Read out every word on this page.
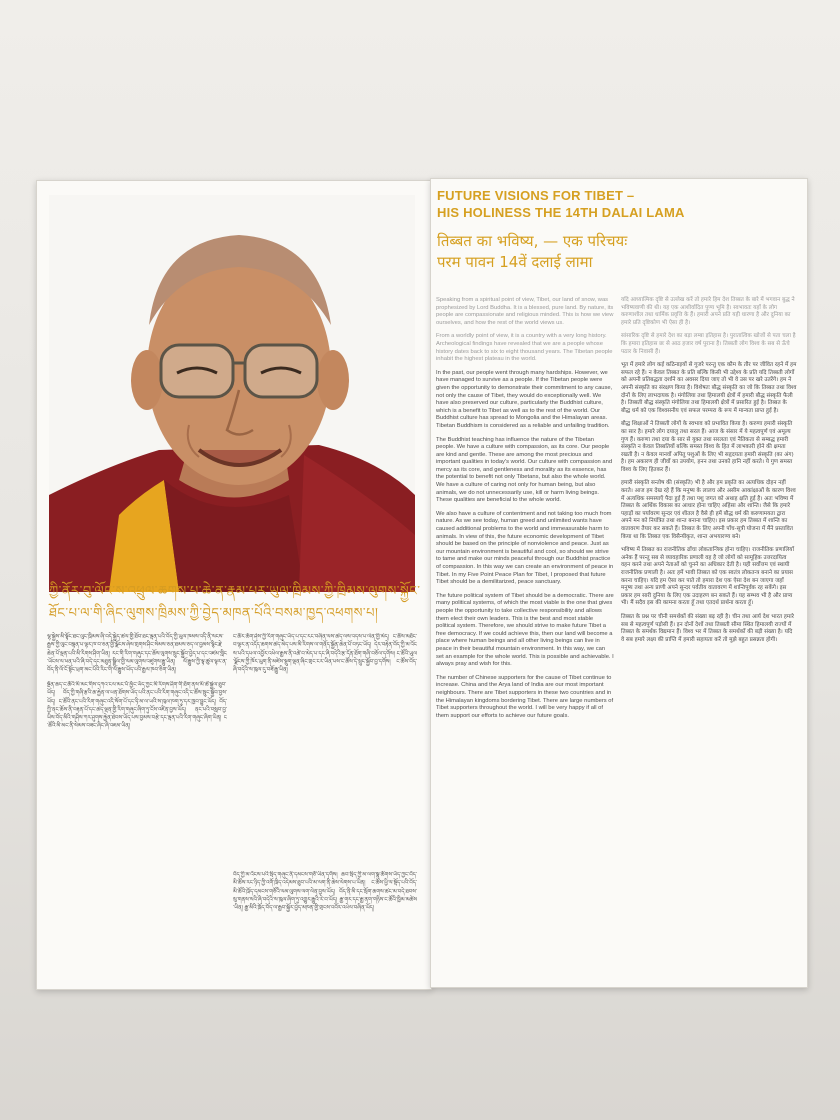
ཀྱི་ནོར་བུ་ལོང་ས་འཕྲུལ་ཆགས་པ་ཆེ་ན་རྣམ་པར་ཡུལ་ཁྲིམས་ཀྱི་ཁྲིམས་ལུགས་སྐྱོང་
ཐོང་པ་ལ་གི་ཞིང་ལུགས་ཁྲིམས་ཀྱི་བྱེད་མཁན་པོའི་བསམ་ཁྱད་འཕགས་པ།
ལྷ་སྐྱེས་མི་སྟོང་ཐང་ལུང་ཁྲིམས་ཞི་བདེ་སྐྱེད་ཚལ་གྱི་ཐོབ་ཐང་ལྡན་པའི་བོད་ཀྱི་ཡུལ་ཁམས་འདི་ནི་སངས་རྒྱས་ཀྱི་ལུང་བསྟན་པ་ལྟར་ཁ་བ་ཅན་གྱི་ལྗོངས་ཞེས་གྲགས་ཤིང་སེམས་ཅན་ཐམས་ཅད་ལ་བྱམས་སྙིང་རྗེ་ཆེན་པོ་ལྡན་པའི་མི་རིགས་ཤིག་ཡིན། རང་གི་རིག་གཞུང་དང་ཆོས་ལུགས་སྲུང་སྐྱོབ་བྱེད་པ་དང་འཛམ་གླིང་ཡོངས་ལ་ཕན་པའི་ཞི་བདེ་དང་མཐུན་སྒྲིལ་གྱི་ལམ་ལུགས་འཛུགས་རྒྱུ་ཡིན། ལོ་རྒྱུས་ཀྱི་ལྟ་ཚུལ་ལྟར་ན་བོད་ནི་ལོ་ངོ་སྟོང་ཕྲག་མང་པོའི་རིང་གི་ལོ་རྒྱུས་ཡོད་པའི་རྒྱལ་ཁབ་ཅིག་ཡིན།
སྔོན་ཆད་ང་ཚོའི་མི་མང་གིས་དཀའ་ངལ་མང་པོ་མྱོང་ཡོད་ཀྱང་མི་རིགས་ཤིག་གི་ཐོག་ནས་མི་ཚེ་སྐྱེལ་ཐུབ་ཡོད། བོད་ཀྱི་གཞི་རྩའི་ཆ་རྐྱེན་ལ་ཕན་ཐོགས་ཡོད་པའི་ནང་པའི་རིག་གཞུང་འདི་ང་ཚོས་སྲུང་སྐྱོབ་བྱས་ཡོད། ང་ཚོའི་ནང་པའི་རིག་གཞུང་འདི་སོག་པོ་དང་ཧི་མ་ལ་ཡའི་ས་ཁུལ་ཁག་ཏུ་དར་ཁྱབ་བྱུང་ཡོད། བོད་ཀྱི་ནང་ཆོས་ནི་བརྟན་པོ་དང་ཚད་ལྡན་གྱི་རིག་གཞུང་ཞིག་ཏུ་ངོས་འཛིན་བྱས་ཡོད། ནང་པའི་བསླབ་བྱ་ཡིས་བོད་མིའི་གཤིས་ཀར་ཤུགས་རྐྱེན་ཐེབས་ཡོད་པས་བྱམས་བརྩེ་དང་ལྡན་པའི་རིག་གཞུང་ཞིག་ཡིན། ང་ཚོའི་མི་མང་ནི་སེམས་བཟང་ཞིང་ཞི་འཇམ་ཡིན།
ང་ཚོར་ཆོག་ཤེས་ཀྱི་རིག་གཞུང་ཡོད་པ་དང་རང་བཞིན་ལས་ཚད་ལས་འདས་པ་ལེན་གྱི་མེད། ང་ཚོས་མཐོང་བ་ལྟར་ན་འདོད་ཆགས་ཚད་མེད་པས་མི་རིགས་ལ་གནོད་སྐྱོན་ཆེན་པོ་བཏང་ཡོད། དེར་བརྟེན་བོད་ཀྱི་མ་འོངས་པའི་དཔལ་འབྱོར་འཕེལ་རྒྱས་ནི་འཚེ་བ་མེད་པ་དང་ཞི་བདེའི་རྩ་དོན་ཐོག་གཞི་བཅོལ་དགོས། ང་ཚོའི་ཡུལ་ལྗོངས་ཀྱི་ཁོར་ཡུག་ནི་མཛེས་སྡུག་ལྡན་ཞིང་གྲང་ངར་ཡིན་པས་ང་ཚོས་དེ་སྲུང་སྐྱོབ་བྱ་དགོས། ང་ཚོས་བོད་ཞི་བདེའི་ས་ཁུལ་དུ་བཟོ་རྒྱུ་ཡིན།
བོད་ཀྱི་མ་འོངས་པའི་སྲིད་གཞུང་ནི་དམངས་གཙོ་ཡིན་དགོས། ཆབ་སྲིད་ཀྱི་མ་ལག་སྣ་ཚོགས་ཡོད་ཀྱང་བོད་མི་ཚོས་རང་ཉིད་ཀྱི་འགོ་ཁྲིད་འདེམས་ཐུབ་པའི་མ་ལག་ནི་ཆེས་ལེགས་པ་ཡིན། ང་ཚོས་ཕྱི་ལ་སྡོད་པའི་བོད་མི་ཚོའི་ཁྲོད་དམངས་གཙོའི་ལམ་ལུགས་ལག་ལེན་བྱས་ཡོད། བོད་ནི་མི་དང་སྲོག་ཆགས་ཚང་མ་བདེ་ཐབས་སུ་གནས་སའི་ཞི་བདེའི་ས་ཁུལ་ཞིག་ཏུ་འགྱུར་རྒྱུའི་རེ་བ་ཡོད། རྒྱ་གར་དང་རྒྱ་ནག་གཉིས་ང་ཚོའི་ཁྱིམ་མཚེས་ཡིན། རྒྱ་མིའི་ཁྲོད་བོད་ལ་རྒྱབ་སྐྱོར་བྱེད་མཁན་གྱི་གྲངས་འབོར་འཕེལ་བཞིན་ཡོད།
FUTURE VISIONS FOR TIBET –
HIS HOLINESS THE 14TH DALAI LAMA
तिब्बत का भविष्य, — एक परिचयः
परम पावन 14वें दलाई लामा

Speaking from a spiritual point of view, Tibet, our land of snow, was prophesized by Lord Buddha. It is a blessed, pure land. By nature, its people are compassionate and religious minded. This is how we view ourselves, and how the rest of the world views us.

From a worldly point of view, it is a country with a very long history. Archeological findings have revealed that we are a people whose history dates back to six to eight thousand years. The Tibetan people inhabit the highest plateau in the world.

In the past, our people went through many hardships. However, we have managed to survive as a people. If the Tibetan people were given the opportunity to demonstrate their commitment to any cause, not only the cause of Tibet, they would do exceptionally well. We have also preserved our culture, particularly the Buddhist culture, which is a benefit to Tibet as well as to the rest of the world. Our Buddhist culture has spread to Mongolia and the Himalayan areas. Tibetan Buddhism is considered as a reliable and unfailing tradition.

The Buddhist teaching has influence the nature of the Tibetan people. We have a culture with compassion, as its core. Our people are kind and gentle. These are among the most precious and important qualities in today's world. Our culture with compassion and mercy as its core, and gentleness and morality as its essence, has the potential to benefit not only Tibetans, but also the whole world. We have a culture of caring not only for human being, but also animals, we do not unnecessarily use, kill or harm living beings. These qualities are beneficial to the whole world.

We also have a culture of contentment and not taking too much from nature. As we see today, human greed and unlimited wants have caused additional problems to the world and immeasurable harm to animals. In view of this, the future economic development of Tibet should be based on the principle of nonviolence and peace. Just as our mountain environment is beautiful and cool, so should we strive to tame and make our minds peaceful through our Buddhist practice of compassion. In this way we can create an environment of peace in Tibet. In my Five Point Peace Plan for Tibet, I proposed that future Tibet should be a demilitarized, peace sanctuary.

The future political system of Tibet should be a democratic. There are many political systems, of which the most viable is the one that gives people the opportunity to take collective responsibility and allows them elect their own leaders. This is the best and most stable political system. Therefore, we should strive to make future Tibet a free democracy. If we could achieve this, then our land will become a place where human beings and all other living beings can live in peace in their beautiful mountain environment. In this way, we can set an example for the whole world. This is possible and achievable. I always pray and wish for this.

The number of Chinese supporters for the cause of Tibet continue to increase. China and the Arya land of India are our most important neighbours. There are Tibet supporters in these two countries and in the Himalayan kingdoms bordering Tibet. There are large numbers of Tibet supporters throughout the world. I will be very happy if all of them support our efforts to achieve our future goals.

यदि आध्यात्मिक दृष्टि से उल्लेख करें तो हमारे हिम देश तिब्बत के बारे में भगवान बुद्ध ने भविष्यवाणी की थी। यह एक आशीर्वादित पुण्य भूमि है। स्वभावतः यहाँ के लोग करुणाशील तथा धार्मिक प्रवृत्ति के हैं। हमारी अपने प्रति यही धारणा है और दुनिया का हमारे प्रति दृष्टिकोण भी ऐसा ही है।

सांसारिक दृष्टि से हमारे देश का बड़ा लम्बा इतिहास है। पुरातात्विक खोजों से पता चला है कि हमारा इतिहास छः से आठ हजार वर्ष पुराना है। तिब्बती लोग विश्व के सब से ऊँचे पठार के निवासी हैं।

भूत में हमारे लोग कई कठिनाइयों से गुजरे परन्तु एक कौम के तौर पर जीवित रहने में हम सफल रहे हैं। न केवल तिब्बत के प्रति बल्कि किसी भी उद्देश्य के प्रति यदि तिब्बती लोगों को अपनी प्रतिबद्धता दर्शाने का अवसर दिया जाए तो भी वे उस पर खरे उतरेंगे। हम ने अपनी संस्कृति का संरक्षण किया है। विशेषतः बौद्ध संस्कृति का जो कि तिब्बत तथा विश्व दोनों के लिए लाभदायक है। मंगोलिया तथा हिमालयी क्षेत्रों में हमारी बौद्ध संस्कृति फैली है। तिब्बती बौद्ध संस्कृति मंगोलिया तथा हिमालयी क्षेत्रों में प्रसारित हुई है। तिब्बत के बौद्ध धर्म को एक विश्वसनीय एवं सफल परम्परा के रूप में मान्यता प्राप्त हुई है।

बौद्ध शिक्षाओं ने तिब्बती लोगों के स्वभाव को प्रभावित किया है। करुणा हमारी संस्कृति का सार है। हमारे लोग दयालु तथा सरल हैं। आज के संसार में ये महत्वपूर्ण एवं अमूल्य गुण हैं। करुणा तथा दया के सार से युक्त तथा सरलता एवं नैतिकता से सम्बद्ध हमारी संस्कृति न केवल तिब्बतियों बल्कि समस्त विश्व के हित में लाभकारी होने की क्षमता रखती है। न केवल मानवों अपितु पशुओं के लिए भी सहृदयता हमारी संस्कृति (का अंग) है। हम अकारण ही जीवों का उपयोग, हनन तथा उनको हानि नहीं करते। ये गुण समस्त विश्व के लिए हितकर हैं।

हमारी संस्कृति सन्तोष की (संस्कृति) भी है और हम प्रकृति का अत्यधिक दोहन नहीं करते। आज हम देख रहे हैं कि मनुष्य के लालच और असीम आकांक्षाओं के कारण विश्व में अत्यधिक समस्याएँ पैदा हुई हैं तथा पशु जगत को अथाह क्षति हुई है। अतः भविष्य में तिब्बत के आर्थिक विकास का आधार होना चाहिए अहिंसा और शान्ति। जैसे कि हमारे पहाड़ों का पर्यावरण सुन्दर एवं शीतल है वैसे ही हमें बौद्ध धर्म की करुणामयता द्वारा अपने मन को नियंत्रित तथा शान्त बनाना चाहिए। इस प्रकार हम तिब्बत में शान्ति का वातावरण तैयार कर सकते हैं। तिब्बत के लिए अपनी पाँच-सूत्री योजना में मैंने प्रस्तावित किया था कि तिब्बत एक विसैन्यीकृत, शान्त अभयारण्य बने।

भविष्य में तिब्बत का राजनीतिक ढाँचा लोकतान्त्रिक होना चाहिए। राजनीतिक प्रणालियाँ अनेक हैं परन्तु सब से व्यावहारिक प्रणाली वह है जो लोगों को सामूहिक उत्तरदायित्व वहन करने तथा अपने नेताओं को चुनने का अधिकार देती है। यही सर्वोत्तम एवं स्थायी राजनीतिक प्रणाली है। अतः हमें भावी तिब्बत को एक स्वतंत्र लोकतन्त्र बनाने का प्रयास करना चाहिए। यदि हम ऐसा कर पाते तो हमारा देश एक ऐसा देश बन जाएगा जहाँ मनुष्य तथा अन्य प्राणी अपने सुन्दर पर्वतीय वातावरण में शान्तिपूर्वक रह सकेंगे। इस प्रकार हम सारी दुनिया के लिए एक उदाहरण बन सकते हैं। यह सम्भव भी है और प्राप्य भी। मैं सदैव इस की कामना करता हूँ तथा एतदर्थ प्रार्थना करता हूँ।

तिब्बत के प्रश्न पर चीनी समर्थकों की संख्या बढ़ रही है। चीन तथा आर्य देश भारत हमारे सब से महत्वपूर्ण पड़ोसी हैं। इन दोनों देशों तथा तिब्बती सीमा स्थित हिमालयी राज्यों में तिब्बत के समर्थक विद्यमान हैं। विश्व भर में तिब्बत के समर्थकों की बड़ी संख्या है। यदि वे सब हमारे लक्ष्य की प्राप्ति में हमारी सहायता करें तो मुझे बहुत प्रसन्नता होगी।
